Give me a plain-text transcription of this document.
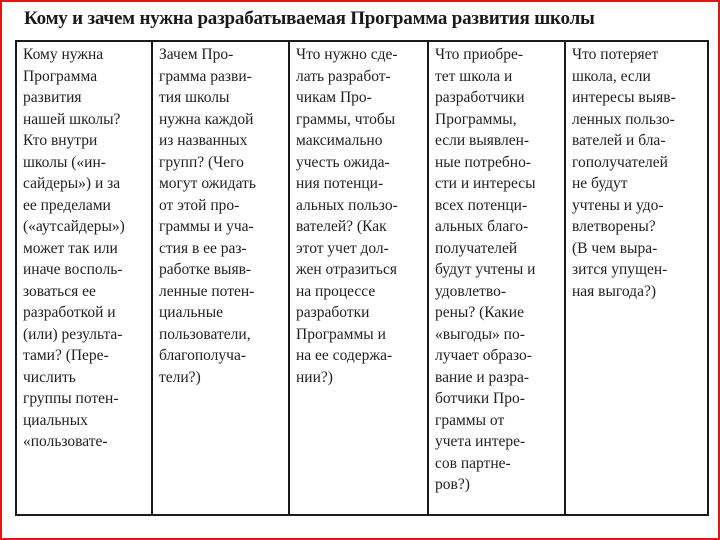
Кому и зачем нужна разрабатываемая Программа развития школы
Кому нужна
Программа
развития
нашей школы?
Кто внутри
школы («ин-
сайдеры») и за
ее пределами
(«аутсайдеры»)
может так или
иначе восполь-
зоваться ее
разработкой и
(или) результа-
тами? (Пере-
числить
группы потен-
циальных
«пользовате-

Зачем Про-
грамма разви-
тия школы
нужна каждой
из названных
групп? (Чего
могут ожидать
от этой про-
граммы и уча-
стия в ее раз-
работке выяв-
ленные потен-
циальные
пользователи,
благополуча-
тели?)

Что нужно сде-
лать разработ-
чикам Про-
граммы, чтобы
максимально
учесть ожида-
ния потенци-
альных пользо-
вателей? (Как
этот учет дол-
жен отразиться
на процессе
разработки
Программы и
на ее содержа-
нии?)

Что приобре-
тет школа и
разработчики
Программы,
если выявлен-
ные потребно-
сти и интересы
всех потенци-
альных благо-
получателей
будут учтены и
удовлетво-
рены? (Какие
«выгоды» по-
лучает образо-
вание и разра-
ботчики Про-
граммы от
учета интере-
сов партне-
ров?)

Что потеряет
школа, если
интересы выяв-
ленных пользо-
вателей и бла-
гополучателей
не будут
учтены и удо-
влетворены?
(В чем выра-
зится упущен-
ная выгода?)
